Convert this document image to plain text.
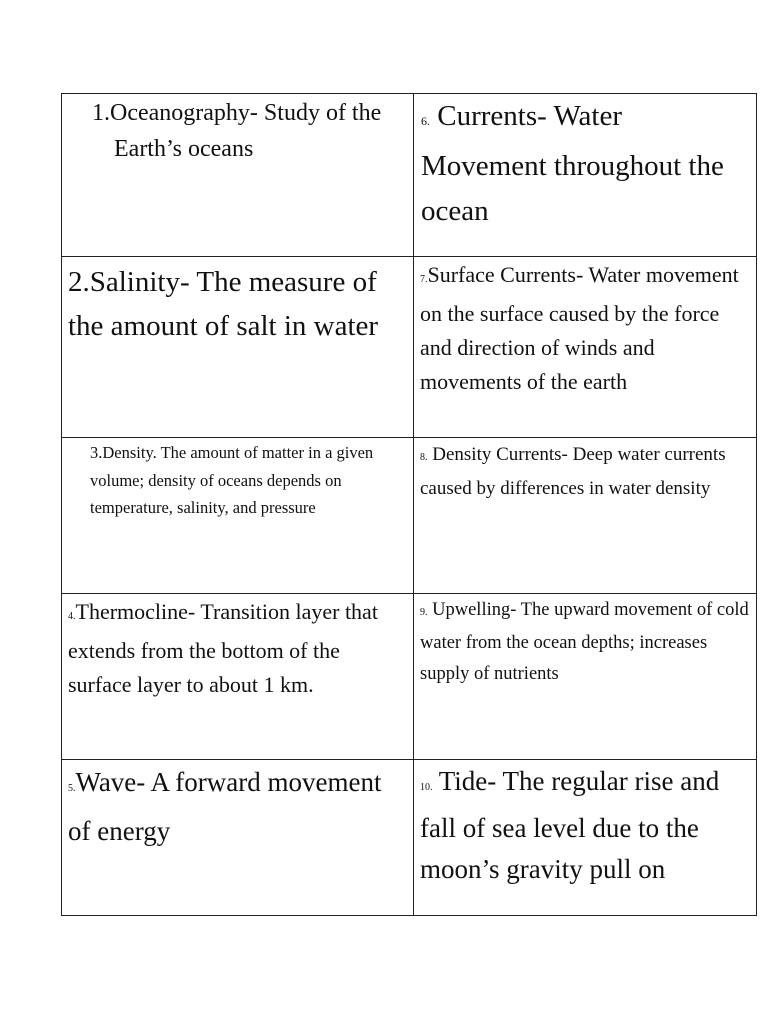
1.Oceanography- Study of the Earth’s oceans	6. Currents- Water Movement throughout the ocean

2.Salinity- The measure of the amount of salt in water	7.Surface Currents- Water movement on the surface caused by the force and direction of winds and movements of the earth

3.Density. The amount of matter in a given volume; density of oceans depends on temperature, salinity, and pressure	8. Density Currents- Deep water currents caused by differences in water density

4.Thermocline- Transition layer that extends from the bottom of the surface layer to about 1 km.	9. Upwelling- The upward movement of cold water from the ocean depths; increases supply of nutrients

5.Wave- A forward movement of energy	10. Tide- The regular rise and fall of sea level due to the moon’s gravity pull on
